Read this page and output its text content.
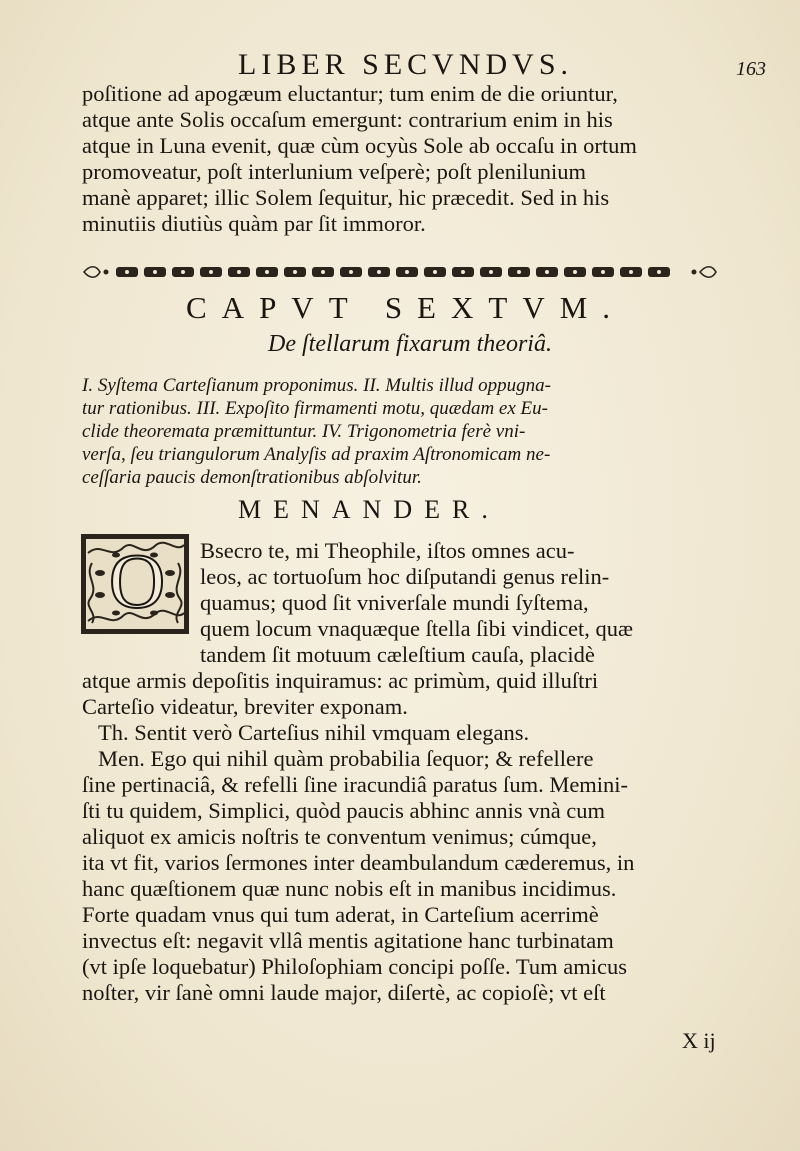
LIBER SECVNDVS.	163
poſitione ad apogæum eluctantur; tum enim de die oriuntur,
atque ante Solis occaſum emergunt: contrarium enim in his
atque in Luna evenit, quæ cùm ocyùs Sole ab occaſu in ortum
promoveatur, poſt interlunium veſperè; poſt plenilunium
manè apparet; illic Solem ſequitur, hic præcedit. Sed in his
minutiis diutiùs quàm par ſit immoror.
CAPVT SEXTVM.
De ſtellarum fixarum theoriâ.
I. Syſtema Carteſianum proponimus. II. Multis illud oppugna-
tur rationibus. III. Expoſito firmamenti motu, quædam ex Eu-
clide theoremata præmittuntur. IV. Trigonometria ferè vni-
verſa, ſeu triangulorum Analyſis ad praxim Aſtronomicam ne-
ceſſaria paucis demonſtrationibus abſolvitur.
MENANDER.
O	Bsecro te, mi Theophile, iſtos omnes acu-
leos, ac tortuoſum hoc diſputandi genus relin-
quamus; quod ſit vniverſale mundi ſyſtema,
quem locum vnaquæque ſtella ſibi vindicet, quæ
tandem ſit motuum cæleſtium cauſa, placidè
atque armis depoſitis inquiramus: ac primùm, quid illuſtri
Carteſio videatur, breviter exponam.
Th. Sentit verò Carteſius nihil vmquam elegans.
Men. Ego qui nihil quàm probabilia ſequor; & refellere
ſine pertinaciâ, & refelli ſine iracundiâ paratus ſum. Memini-
ſti tu quidem, Simplici, quòd paucis abhinc annis vnà cum
aliquot ex amicis noſtris te conventum venimus; cúmque,
ita vt fit, varios ſermones inter deambulandum cæderemus, in
hanc quæſtionem quæ nunc nobis eſt in manibus incidimus.
Forte quadam vnus qui tum aderat, in Carteſium acerrimè
invectus eſt: negavit vllâ mentis agitatione hanc turbinatam
(vt ipſe loquebatur) Philoſophiam concipi poſſe. Tum amicus
noſter, vir ſanè omni laude major, diſertè, ac copioſè; vt eſt
X ij
